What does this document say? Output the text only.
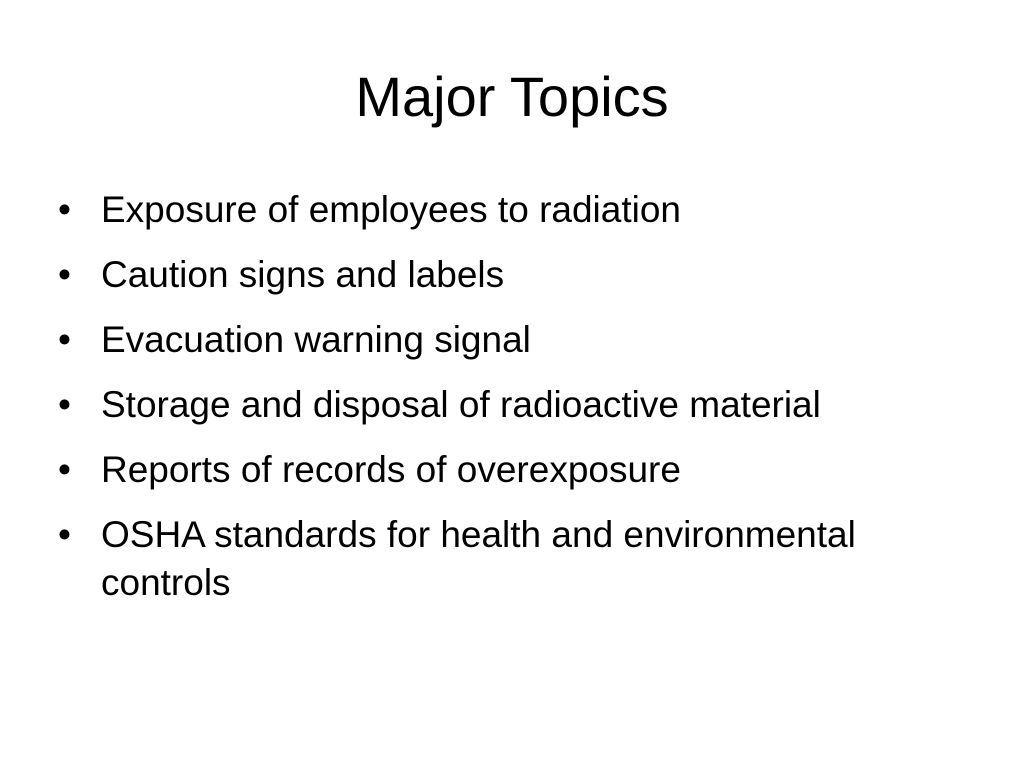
Major Topics
• Exposure of employees to radiation
• Caution signs and labels
• Evacuation warning signal
• Storage and disposal of radioactive material
• Reports of records of overexposure
• OSHA standards for health and environmental controls
